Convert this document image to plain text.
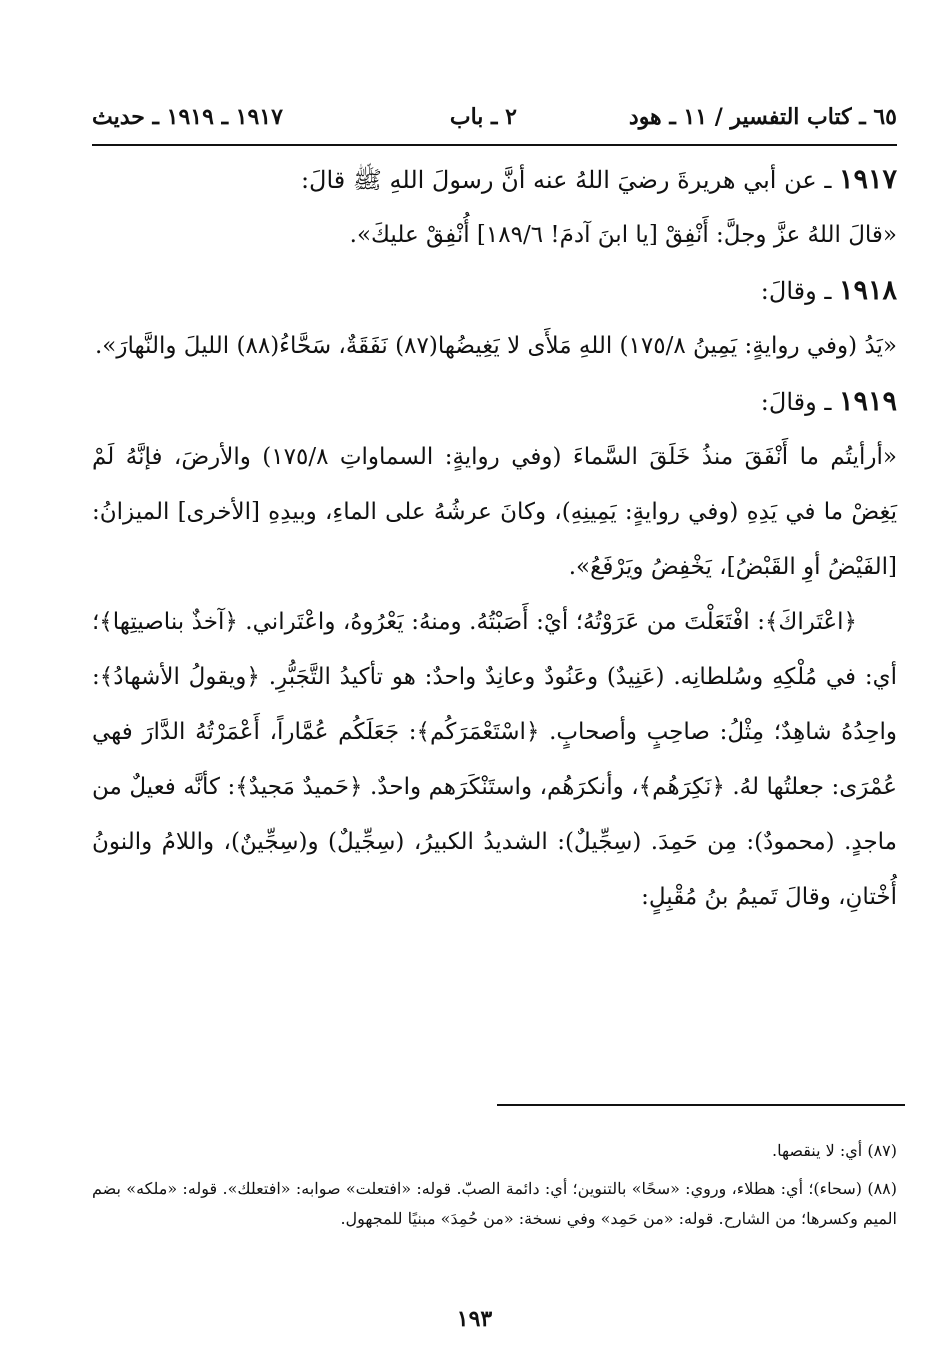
٦٥ ـ كتاب التفسير / ١١ ـ هود
٢ ـ باب
١٩١٧ ـ ١٩١٩ ـ حديث

١٩١٧ ـ عن أبي هريرةَ رضيَ اللهُ عنه أنَّ رسولَ اللهِ ﷺ قالَ:

«قالَ اللهُ عزَّ وجلَّ: أَنْفِقْ [يا ابنَ آدمَ! ١٨٩/٦] أُنْفِقْ عليكَ».

١٩١٨ ـ وقالَ:

«يَدُ (وفي روايةٍ: يَمِينُ ١٧٥/٨) اللهِ مَلأَى لا يَغِيضُها(٨٧) نَفَقَةٌ، سَحَّاءُ(٨٨) الليلَ والنَّهارَ».

١٩١٩ ـ وقالَ:

«أرأيتُم ما أَنْفَقَ منذُ خَلَقَ السَّماءَ (وفي روايةٍ: السماواتِ ١٧٥/٨) والأرضَ، فإنَّهُ لَمْ يَغِضْ ما في يَدِهِ (وفي روايةٍ: يَمِينِهِ)، وكانَ عرشُهُ على الماءِ، وبيدِهِ [الأخرى] الميزانُ: [الفَيْضُ أوِ القَبْضُ]، يَخْفِضُ ويَرْفَعُ».

﴿اعْتَراكَ﴾: افْتَعَلْتَ من عَرَوْتُهُ؛ أيْ: أَصَبْتُهُ. ومنهُ: يَعْرُوهُ، واعْتَراني. ﴿آخذٌ بناصيتِها﴾؛ أي: في مُلْكِهِ وسُلطانِه. (عَنِيدٌ) وعَنُودٌ وعانِدٌ واحدٌ: هو تأكيدُ التَّجَبُّرِ. ﴿ويقولُ الأشهادُ﴾: واحِدُهُ شاهِدٌ؛ مِثْلُ: صاحِبٍ وأصحابٍ. ﴿اسْتَعْمَرَكُم﴾: جَعَلَكُم عُمَّاراً، أَعْمَرْتُهُ الدَّارَ فهي عُمْرَى: جعلتُها لهُ. ﴿نَكِرَهُم﴾، وأنكرَهُم، واستَنْكَرَهم واحدٌ. ﴿حَميدٌ مَجيدٌ﴾: كأنَّه فعيلٌ من ماجدٍ. (محمودٌ): مِن حَمِدَ. (سِجِّيلٌ): الشديدُ الكبيرُ، (سِجِّيلٌ) و(سِجِّينٌ)، واللامُ والنونُ أُخْتانِ، وقالَ تَميمُ بنُ مُقْبِلٍ:

(٨٧) أي: لا ينقصها.

(٨٨) (سحاء)؛ أي: هطلاء، وروي: «سحًا» بالتنوين؛ أي: دائمة الصبّ. قوله: «افتعلت» صوابه: «افتعلك». قوله: «ملكه» بضم الميم وكسرها؛ من الشارح. قوله: «من حَمِد» وفي نسخة: «من حُمِدَ» مبنيًا للمجهول.

١٩٣
